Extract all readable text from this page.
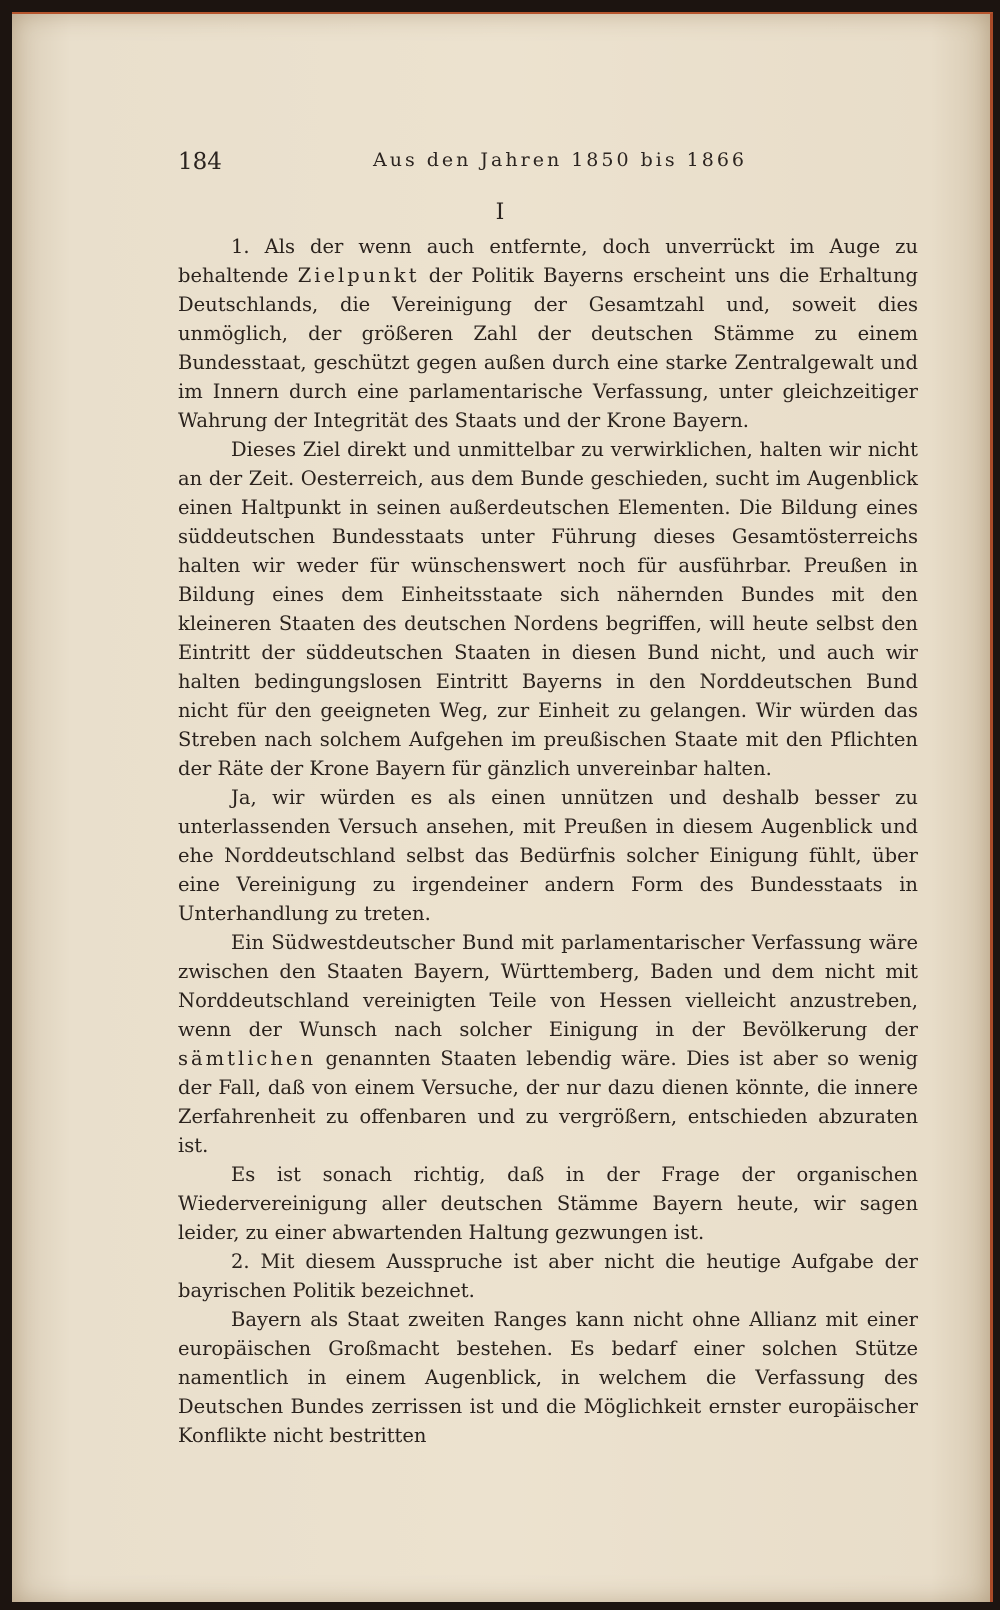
184	Aus den Jahren 1850 bis 1866
I

1. Als der wenn auch entfernte, doch unverrückt im Auge zu behaltende Zielpunkt der Politik Bayerns erscheint uns die Erhaltung Deutschlands, die Vereinigung der Gesamtzahl und, soweit dies unmöglich, der größeren Zahl der deutschen Stämme zu einem Bundesstaat, geschützt gegen außen durch eine starke Zentralgewalt und im Innern durch eine parlamentarische Verfassung, unter gleichzeitiger Wahrung der Integrität des Staats und der Krone Bayern.

Dieses Ziel direkt und unmittelbar zu verwirklichen, halten wir nicht an der Zeit. Oesterreich, aus dem Bunde geschieden, sucht im Augenblick einen Haltpunkt in seinen außerdeutschen Elementen. Die Bildung eines süddeutschen Bundesstaats unter Führung dieses Gesamtösterreichs halten wir weder für wünschenswert noch für ausführbar. Preußen in Bildung eines dem Einheitsstaate sich nähernden Bundes mit den kleineren Staaten des deutschen Nordens begriffen, will heute selbst den Eintritt der süddeutschen Staaten in diesen Bund nicht, und auch wir halten bedingungslosen Eintritt Bayerns in den Norddeutschen Bund nicht für den geeigneten Weg, zur Einheit zu gelangen. Wir würden das Streben nach solchem Aufgehen im preußischen Staate mit den Pflichten der Räte der Krone Bayern für gänzlich unvereinbar halten.

Ja, wir würden es als einen unnützen und deshalb besser zu unterlassenden Versuch ansehen, mit Preußen in diesem Augenblick und ehe Norddeutschland selbst das Bedürfnis solcher Einigung fühlt, über eine Vereinigung zu irgendeiner andern Form des Bundesstaats in Unterhandlung zu treten.

Ein Südwestdeutscher Bund mit parlamentarischer Verfassung wäre zwischen den Staaten Bayern, Württemberg, Baden und dem nicht mit Norddeutschland vereinigten Teile von Hessen vielleicht anzustreben, wenn der Wunsch nach solcher Einigung in der Bevölkerung der sämtlichen genannten Staaten lebendig wäre. Dies ist aber so wenig der Fall, daß von einem Versuche, der nur dazu dienen könnte, die innere Zerfahrenheit zu offenbaren und zu vergrößern, entschieden abzuraten ist.

Es ist sonach richtig, daß in der Frage der organischen Wiedervereinigung aller deutschen Stämme Bayern heute, wir sagen leider, zu einer abwartenden Haltung gezwungen ist.

2. Mit diesem Ausspruche ist aber nicht die heutige Aufgabe der bayrischen Politik bezeichnet.

Bayern als Staat zweiten Ranges kann nicht ohne Allianz mit einer europäischen Großmacht bestehen. Es bedarf einer solchen Stütze namentlich in einem Augenblick, in welchem die Verfassung des Deutschen Bundes zerrissen ist und die Möglichkeit ernster europäischer Konflikte nicht bestritten
